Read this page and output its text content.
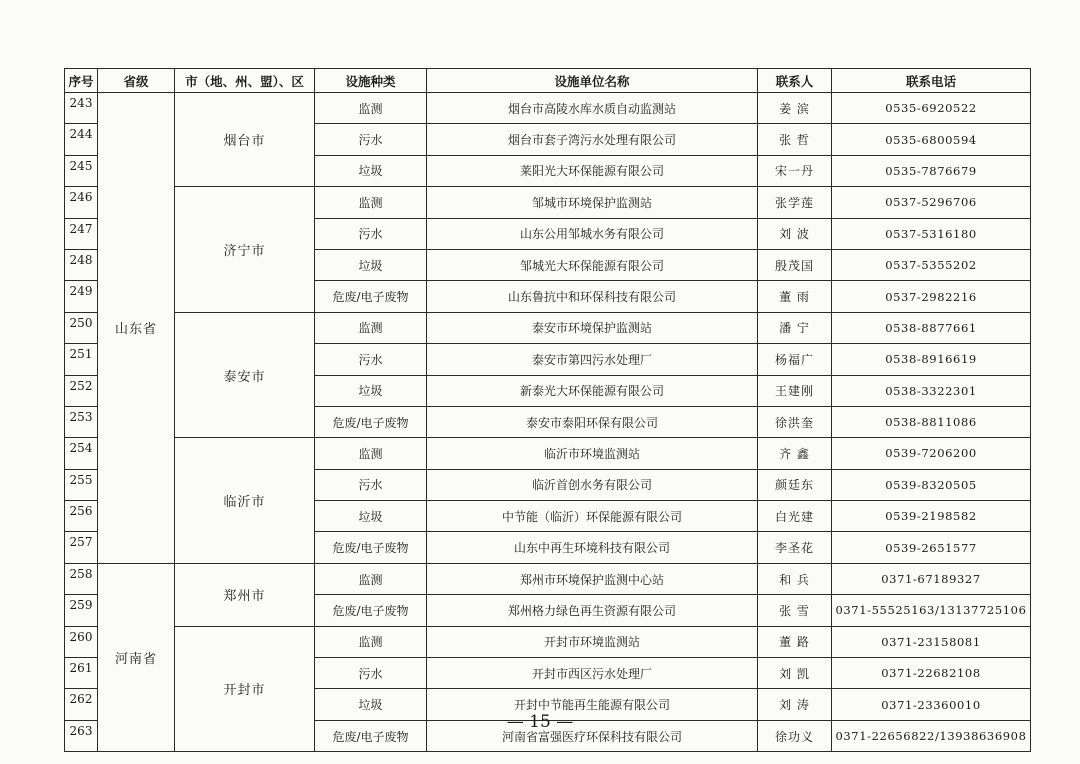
序号	省级	市（地、州、盟）、区	设施种类	设施单位名称	联系人	联系电话
243	山东省	烟台市	监测	烟台市高陵水库水质自动监测站	姜 滨	0535-6920522
244			污水	烟台市套子湾污水处理有限公司	张 哲	0535-6800594
245			垃圾	莱阳光大环保能源有限公司	宋一丹	0535-7876679
246		济宁市	监测	邹城市环境保护监测站	张学莲	0537-5296706
247			污水	山东公用邹城水务有限公司	刘 波	0537-5316180
248			垃圾	邹城光大环保能源有限公司	殷茂国	0537-5355202
249			危废/电子废物	山东鲁抗中和环保科技有限公司	董 雨	0537-2982216
250		泰安市	监测	泰安市环境保护监测站	潘 宁	0538-8877661
251			污水	泰安市第四污水处理厂	杨福广	0538-8916619
252			垃圾	新泰光大环保能源有限公司	王建刚	0538-3322301
253			危废/电子废物	泰安市泰阳环保有限公司	徐洪奎	0538-8811086
254		临沂市	监测	临沂市环境监测站	齐 鑫	0539-7206200
255			污水	临沂首创水务有限公司	颜廷东	0539-8320505
256			垃圾	中节能（临沂）环保能源有限公司	白光建	0539-2198582
257			危废/电子废物	山东中再生环境科技有限公司	李圣花	0539-2651577
258	河南省	郑州市	监测	郑州市环境保护监测中心站	和 兵	0371-67189327
259			危废/电子废物	郑州格力绿色再生资源有限公司	张 雪	0371-55525163/13137725106
260		开封市	监测	开封市环境监测站	董 路	0371-23158081
261			污水	开封市西区污水处理厂	刘 凯	0371-22682108
262			垃圾	开封中节能再生能源有限公司	刘 涛	0371-23360010
263			危废/电子废物	河南省富强医疗环保科技有限公司	徐功义	0371-22656822/13938636908
— 15 —
